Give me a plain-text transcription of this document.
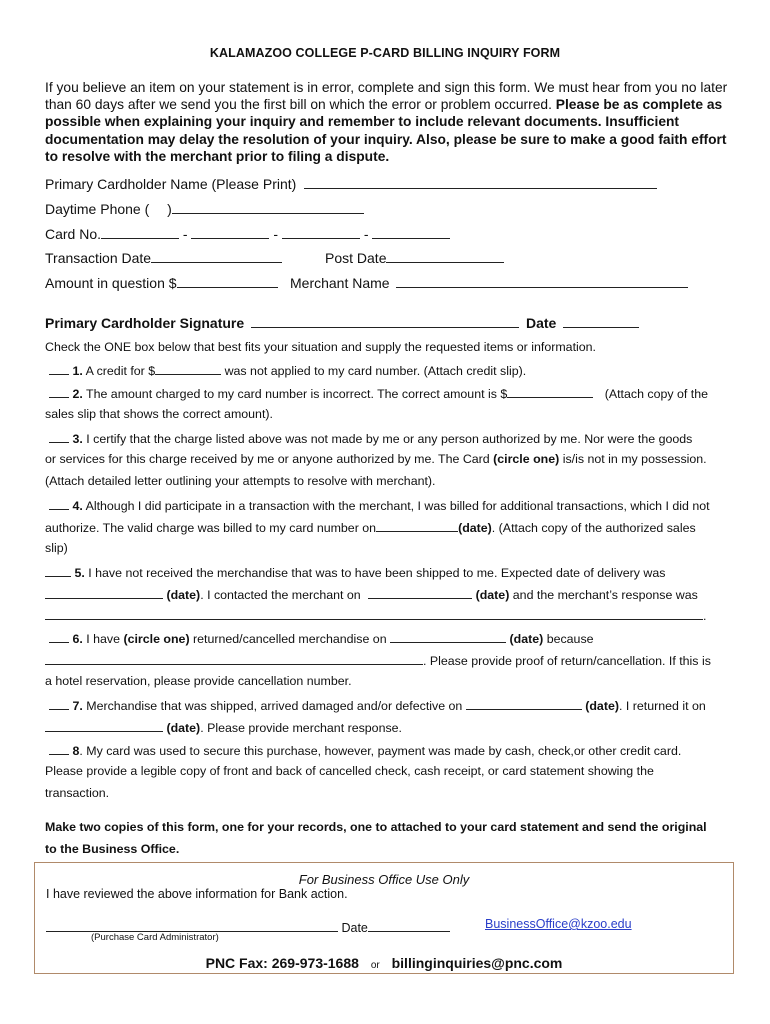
KALAMAZOO COLLEGE P-CARD BILLING INQUIRY FORM
If you believe an item on your statement is in error, complete and sign this form. We must hear from you no later than 60 days after we send you the first bill on which the error or problem occurred. Please be as complete as possible when explaining your inquiry and remember to include relevant documents. Insufficient documentation may delay the resolution of your inquiry. Also, please be sure to make a good faith effort to resolve with the merchant prior to filing a dispute.
Primary Cardholder Name (Please Print)
Daytime Phone ( )
Card No.	-	-	-
Transaction Date	Post Date
Amount in question $	Merchant Name
Primary Cardholder Signature	Date
Check the ONE box below that best fits your situation and supply the requested items or information.
1. A credit for $	was not applied to my card number. (Attach credit slip).
2. The amount charged to my card number is incorrect. The correct amount is $	(Attach copy of the
sales slip that shows the correct amount).
3. I certify that the charge listed above was not made by me or any person authorized by me. Nor were the goods
or services for this charge received by me or anyone authorized by me. The Card (circle one) is/is not in my possession.
(Attach detailed letter outlining your attempts to resolve with merchant).
4. Although I did participate in a transaction with the merchant, I was billed for additional transactions, which I did not
authorize. The valid charge was billed to my card number on	(date). (Attach copy of the authorized sales
slip)
5. I have not received the merchandise that was to have been shipped to me. Expected date of delivery was
(date). I contacted the merchant on	(date) and the merchant’s response was
.
6. I have (circle one) returned/cancelled merchandise on	(date) because
. Please provide proof of return/cancellation. If this is
a hotel reservation, please provide cancellation number.
7. Merchandise that was shipped, arrived damaged and/or defective on	(date). I returned it on
(date). Please provide merchant response.
8. My card was used to secure this purchase, however, payment was made by cash, check,or other credit card.
Please provide a legible copy of front and back of cancelled check, cash receipt, or card statement showing the
transaction.
Make two copies of this form, one for your records, one to attached to your card statement and send the original
to the Business Office.
For Business Office Use Only
I have reviewed the above information for Bank action.
Date
(Purchase Card Administrator)
BusinessOffice@kzoo.edu
PNC Fax: 269-973-1688 or billinginquiries@pnc.com
